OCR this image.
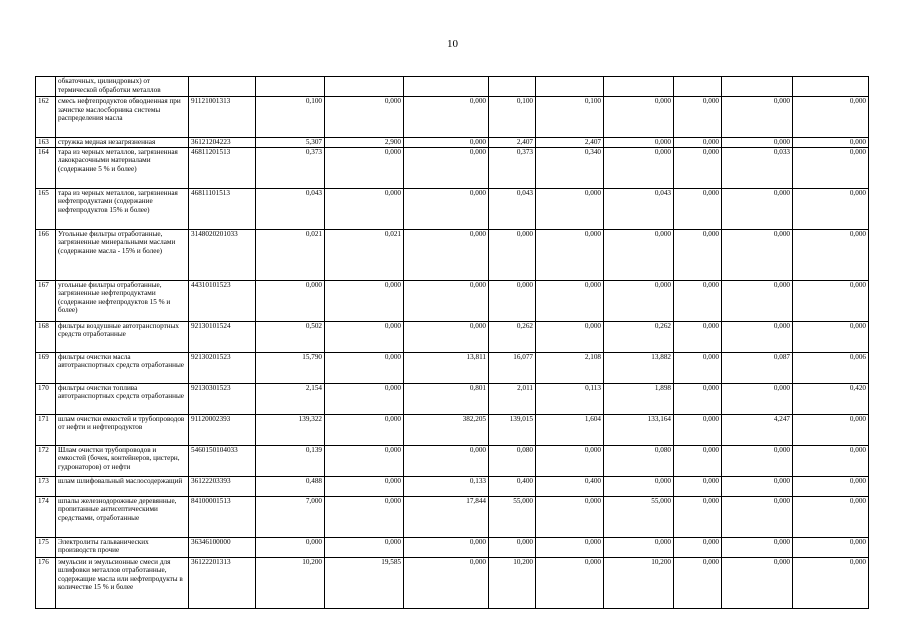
10
	обкаточных, цилиндровых) от термической обработки металлов										
162	смесь нефтепродуктов обводненная при зачистке маслосборника системы распределения масла	91121001313	0,100	0,000	0,000	0,100	0,100	0,000	0,000	0,000	0,000
163	стружка медная незагрязненная	36121204223	5,307	2,900	0,000	2,407	2,407	0,000	0,000	0,000	0,000
164	тара из черных металлов, загрязненная лакокрасочными материалами (содержание 5 % и более)	46811201513	0,373	0,000	0,000	0,373	0,340	0,000	0,000	0,033	0,000
165	тара из черных металлов, загрязненная нефтепродуктами (содержание нефтепродуктов 15% и более)	46811101513	0,043	0,000	0,000	0,043	0,000	0,043	0,000	0,000	0,000
166	Угольные фильтры отработанные, загрязненные минеральными маслами (содержание масла - 15% и более)	3148020201033	0,021	0,021	0,000	0,000	0,000	0,000	0,000	0,000	0,000
167	угольные фильтры отработанные, загрязненные нефтепродуктами (содержание нефтепродуктов 15 % и более)	44310101523	0,000	0,000	0,000	0,000	0,000	0,000	0,000	0,000	0,000
168	фильтры воздушные автотранспортных средств отработанные	92130101524	0,502	0,000	0,000	0,262	0,000	0,262	0,000	0,000	0,000
169	фильтры очистки масла автотранспортных средств отработанные	92130201523	15,790	0,000	13,811	16,077	2,108	13,882	0,000	0,087	0,006
170	фильтры очистки топлива автотранспортных средств отработанные	92130301523	2,154	0,000	0,801	2,011	0,113	1,898	0,000	0,000	0,420
171	шлам очистки емкостей и трубопроводов от нефти и нефтепродуктов	91120002393	139,322	0,000	382,205	139,015	1,604	133,164	0,000	4,247	0,000
172	Шлам очистки трубопроводов и емкостей (бочек, контейнеров, цистерн, гудронаторов) от нефти	5460150104033	0,139	0,000	0,000	0,080	0,000	0,080	0,000	0,000	0,000
173	шлам шлифовальный маслосодержащий	36122203393	0,488	0,000	0,133	0,400	0,400	0,000	0,000	0,000	0,000
174	шпалы железнодорожные деревянные, пропитанные антисептическими средствами, отработанные	84100001513	7,000	0,000	17,844	55,000	0,000	55,000	0,000	0,000	0,000
175	Электролиты гальванических производств прочие	36346100000	0,000	0,000	0,000	0,000	0,000	0,000	0,000	0,000	0,000
176	эмульсии и эмульсионные смеси для шлифовки металлов отработанные, содержащие масла или нефтепродукты в количестве 15 % и более	36122201313	10,200	19,585	0,000	10,200	0,000	10,200	0,000	0,000	0,000
